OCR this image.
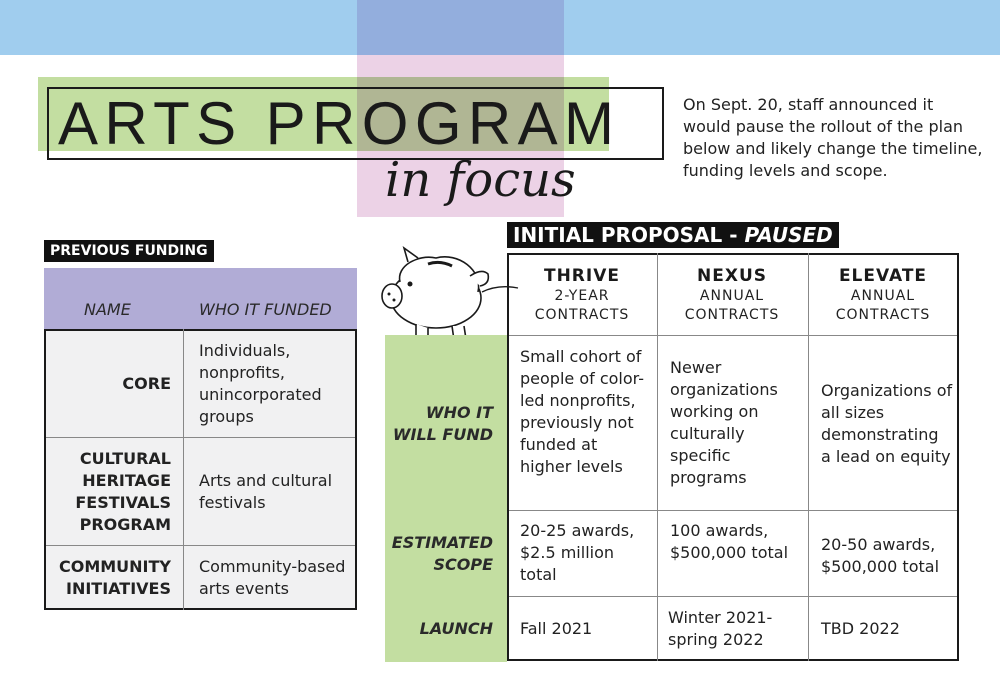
ARTS PROGRAM
in focus

On Sept. 20, staff announced it would pause the rollout of the plan below and likely change the timeline, funding levels and scope.

PREVIOUS FUNDING
NAME	WHO IT FUNDED
CORE
Individuals, nonprofits, unincorporated groups
CULTURAL HERITAGE FESTIVALS PROGRAM
Arts and cultural festivals
COMMUNITY INITIATIVES
Community-based arts events
INITIAL PROPOSAL - PAUSED
THRIVE
2-YEAR
CONTRACTS
NEXUS
ANNUAL
CONTRACTS
ELEVATE
ANNUAL
CONTRACTS
WHO IT WILL FUND
Small cohort of people of color-led nonprofits, previously not funded at higher levels
Newer organizations working on culturally specific programs
Organizations of all sizes demonstrating a lead on equity
ESTIMATED SCOPE
20-25 awards, $2.5 million total
100 awards, $500,000 total 20-50 awards, $500,000 total
LAUNCH Fall 2021
Winter 2021-spring 2022
TBD 2022
